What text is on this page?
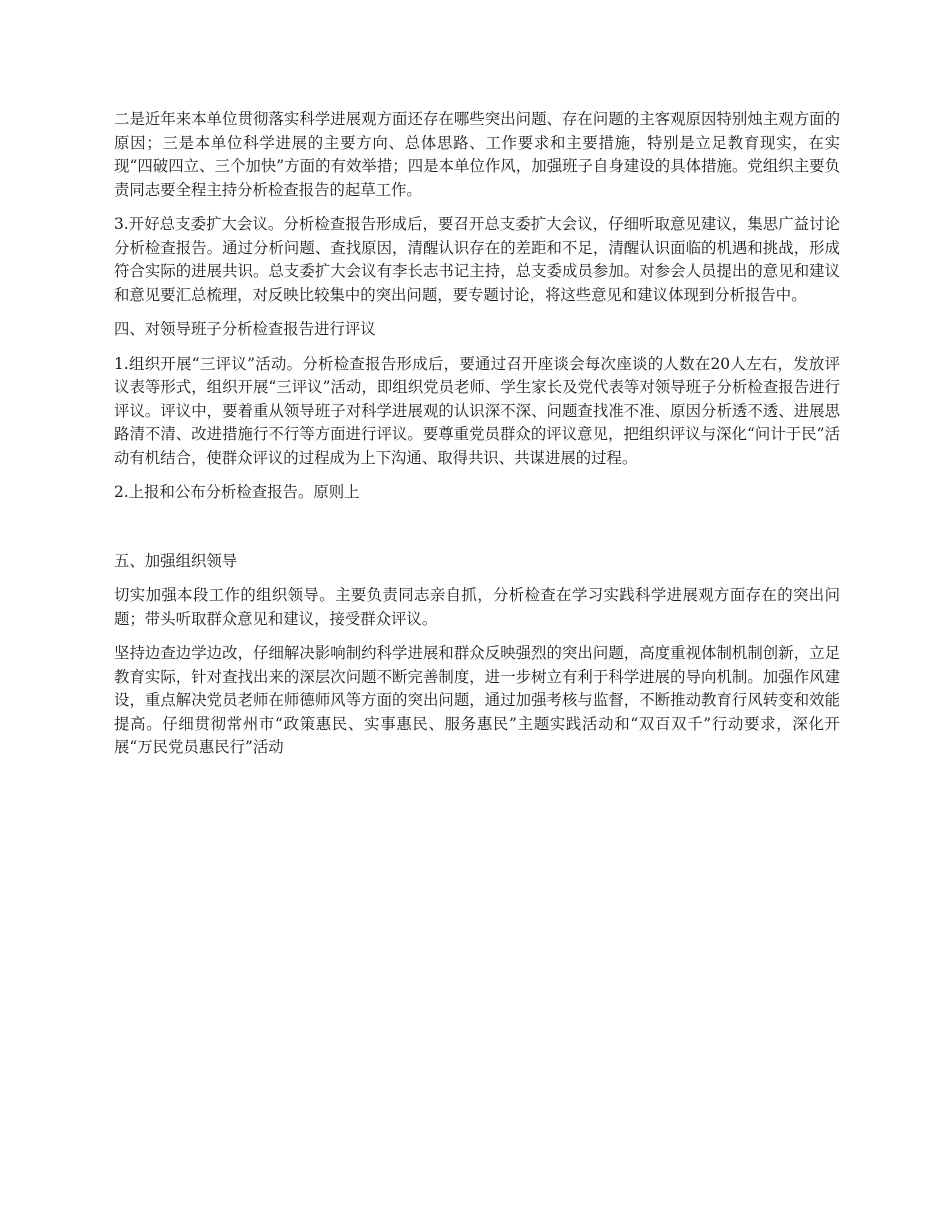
二是近年来本单位贯彻落实科学进展观方面还存在哪些突出问题、存在问题的主客观原因特别烛主观方面的原因；三是本单位科学进展的主要方向、总体思路、工作要求和主要措施，特别是立足教育现实，在实现“四破四立、三个加快”方面的有效举措；四是本单位作风，加强班子自身建设的具体措施。党组织主要负责同志要全程主持分析检查报告的起草工作。

3.开好总支委扩大会议。分析检查报告形成后，要召开总支委扩大会议，仔细听取意见建议，集思广益讨论分析检查报告。通过分析问题、查找原因，清醒认识存在的差距和不足，清醒认识面临的机遇和挑战，形成符合实际的进展共识。总支委扩大会议有李长志书记主持，总支委成员参加。对参会人员提出的意见和建议和意见要汇总梳理，对反映比较集中的突出问题，要专题讨论，将这些意见和建议体现到分析报告中。

四、对领导班子分析检查报告进行评议

1.组织开展“三评议”活动。分析检查报告形成后，要通过召开座谈会每次座谈的人数在20人左右，发放评议表等形式，组织开展“三评议”活动，即组织党员老师、学生家长及党代表等对领导班子分析检查报告进行评议。评议中，要着重从领导班子对科学进展观的认识深不深、问题查找准不准、原因分析透不透、进展思路清不清、改进措施行不行等方面进行评议。要尊重党员群众的评议意见，把组织评议与深化“问计于民”活动有机结合，使群众评议的过程成为上下沟通、取得共识、共谋进展的过程。

2.上报和公布分析检查报告。原则上

五、加强组织领导

切实加强本段工作的组织领导。主要负责同志亲自抓，分析检查在学习实践科学进展观方面存在的突出问题；带头听取群众意见和建议，接受群众评议。

坚持边查边学边改，仔细解决影响制约科学进展和群众反映强烈的突出问题，高度重视体制机制创新，立足教育实际，针对查找出来的深层次问题不断完善制度，进一步树立有利于科学进展的导向机制。加强作风建设，重点解决党员老师在师德师风等方面的突出问题，通过加强考核与监督，不断推动教育行风转变和效能提高。仔细贯彻常州市“政策惠民、实事惠民、服务惠民”主题实践活动和“双百双千”行动要求，深化开展“万民党员惠民行”活动
